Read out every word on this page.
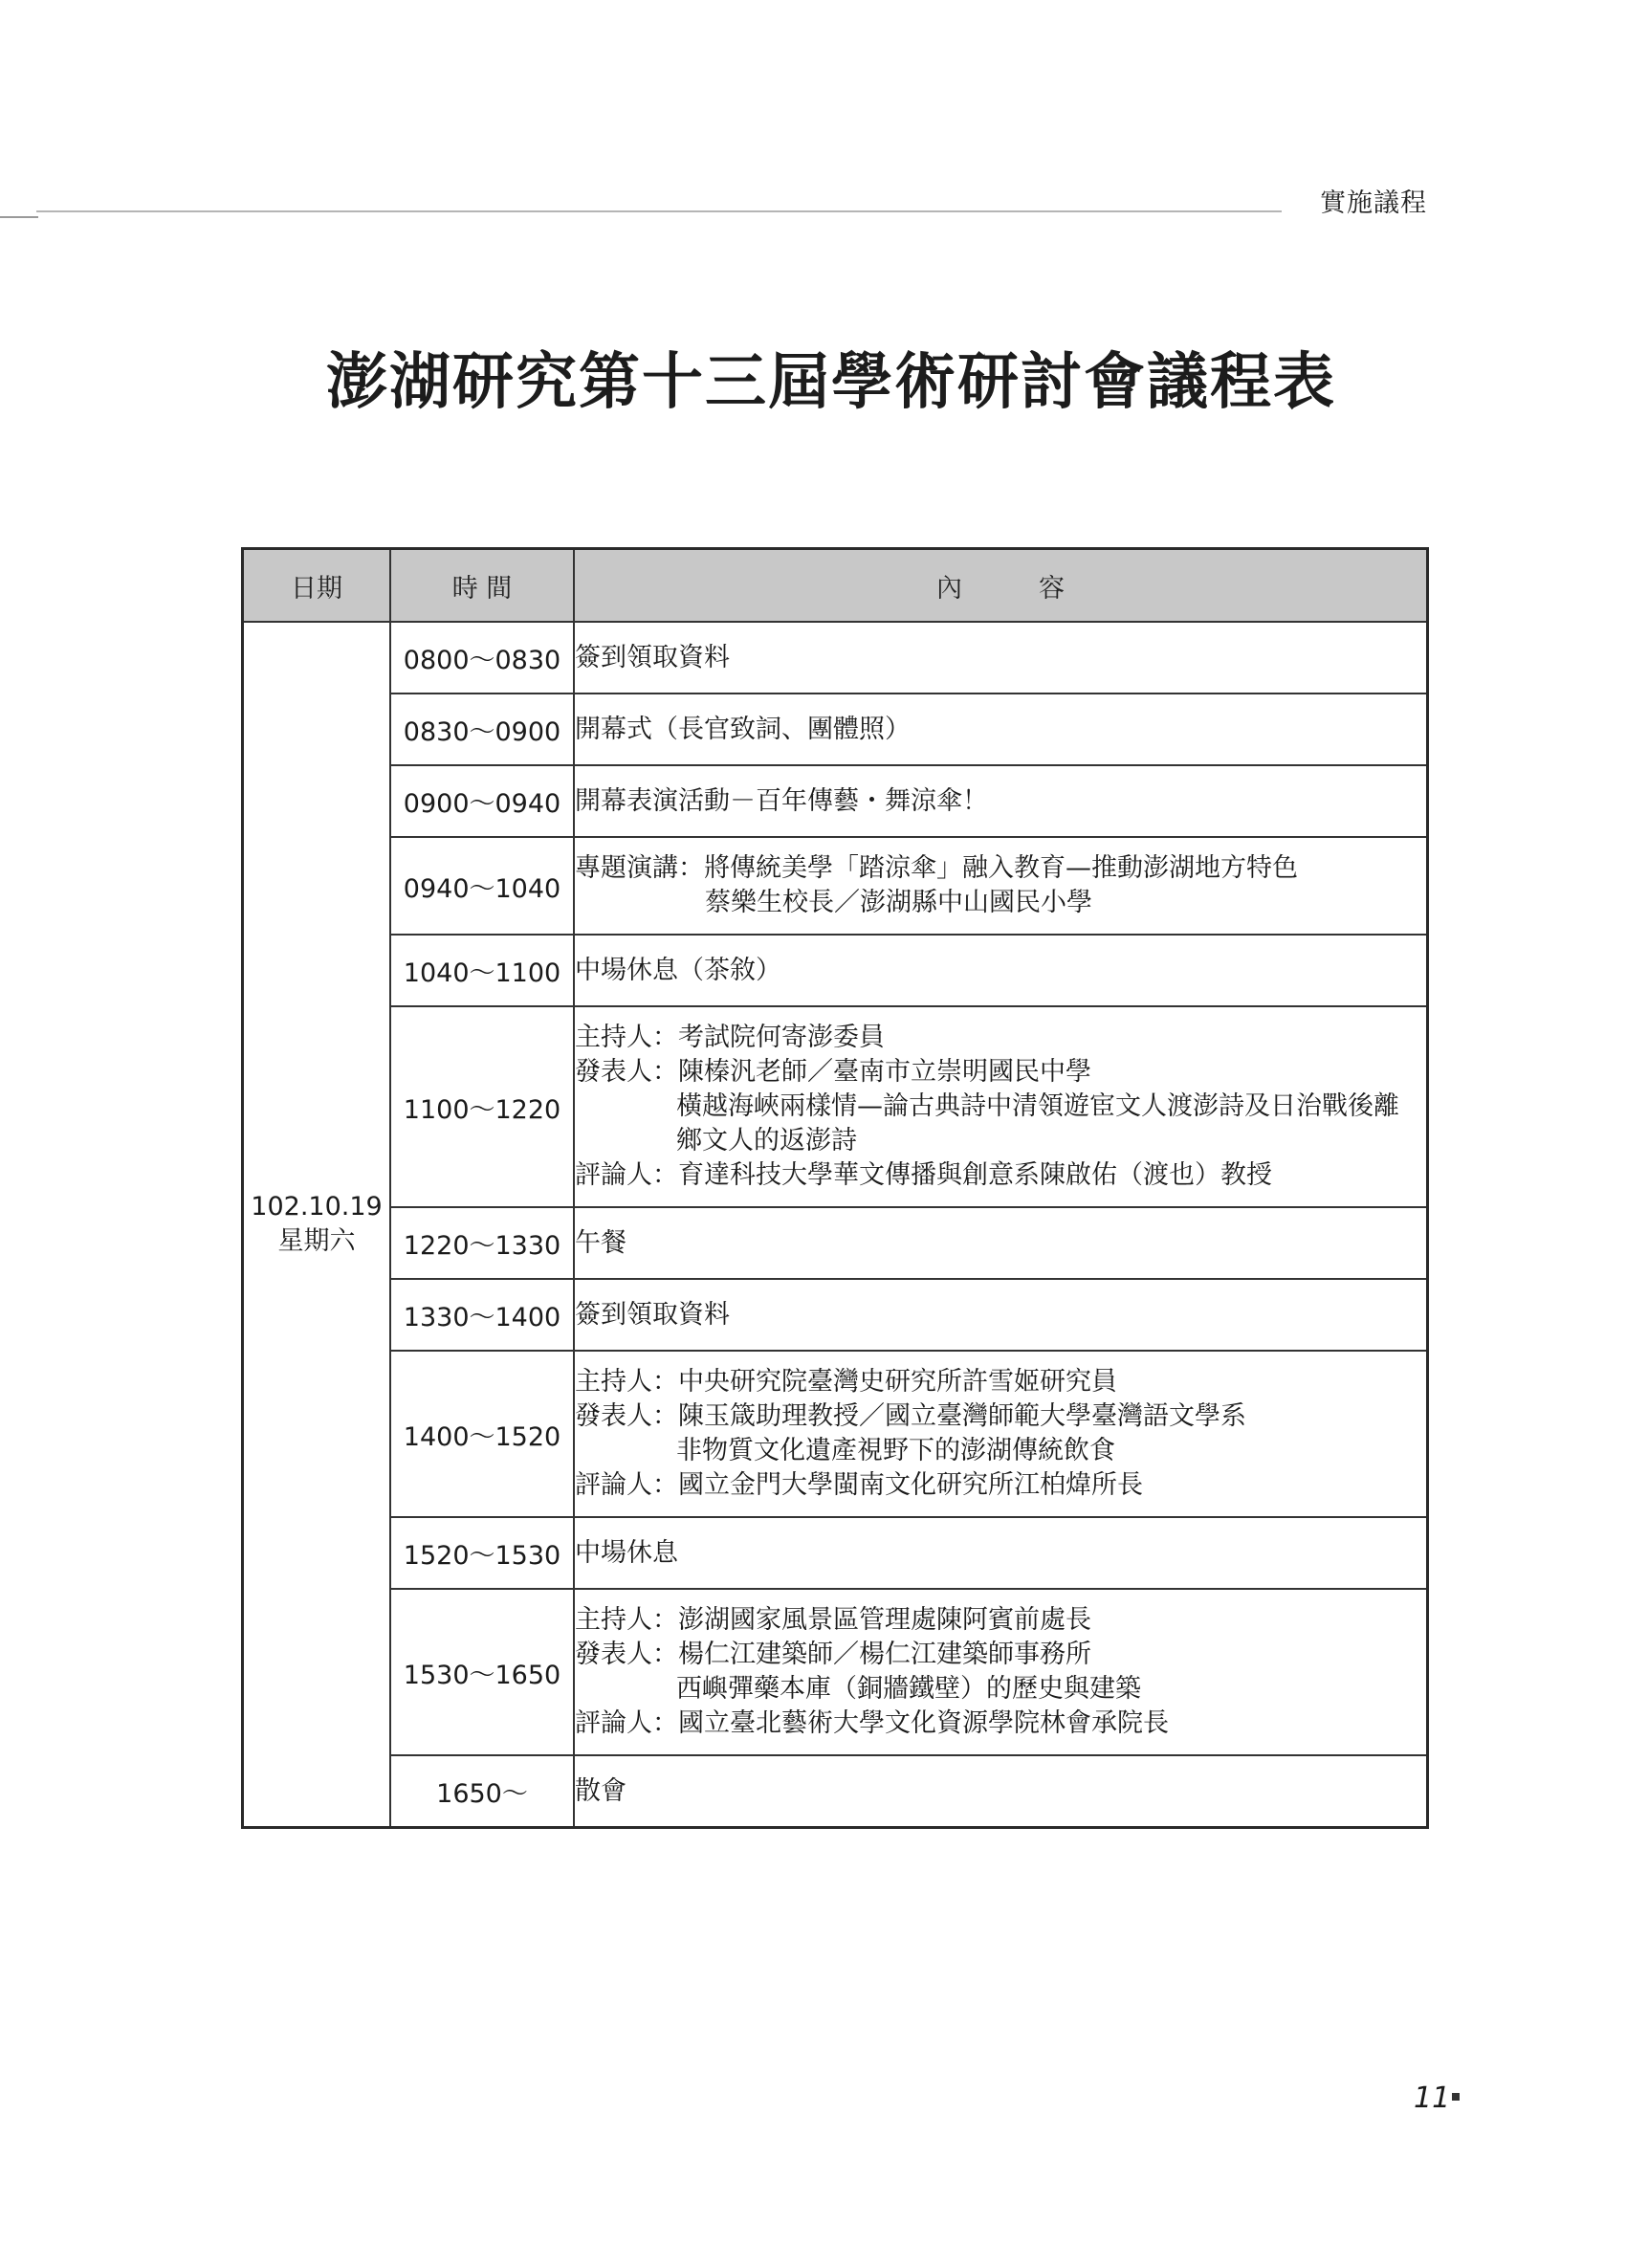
實施議程
澎湖研究第十三屆學術研討會議程表
日期	時 間	內 容

102.10.19
星期六	0800～0830	簽到領取資料

	0830～0900	開幕式（長官致詞、團體照）

	0900～0940	開幕表演活動－百年傳藝・舞涼傘！

	0940～1040	專題演講：將傳統美學「踏涼傘」融入教育—推動澎湖地方特色
蔡樂生校長／澎湖縣中山國民小學

	1040～1100	中場休息（茶敘）

	1100～1220	主持人：考試院何寄澎委員
發表人：陳榛汎老師／臺南市立崇明國民中學
橫越海峽兩樣情—論古典詩中清領遊宦文人渡澎詩及日治戰後離
鄉文人的返澎詩
評論人：育達科技大學華文傳播與創意系陳啟佑（渡也）教授

	1220～1330	午餐

	1330～1400	簽到領取資料

	1400～1520	主持人：中央研究院臺灣史研究所許雪姬研究員
發表人：陳玉箴助理教授／國立臺灣師範大學臺灣語文學系
非物質文化遺產視野下的澎湖傳統飲食
評論人：國立金門大學閩南文化研究所江柏煒所長

	1520～1530	中場休息

	1530～1650	主持人：澎湖國家風景區管理處陳阿賓前處長
發表人：楊仁江建築師／楊仁江建築師事務所
西嶼彈藥本庫（銅牆鐵壁）的歷史與建築
評論人：國立臺北藝術大學文化資源學院林會承院長

	1650～	散會
11
